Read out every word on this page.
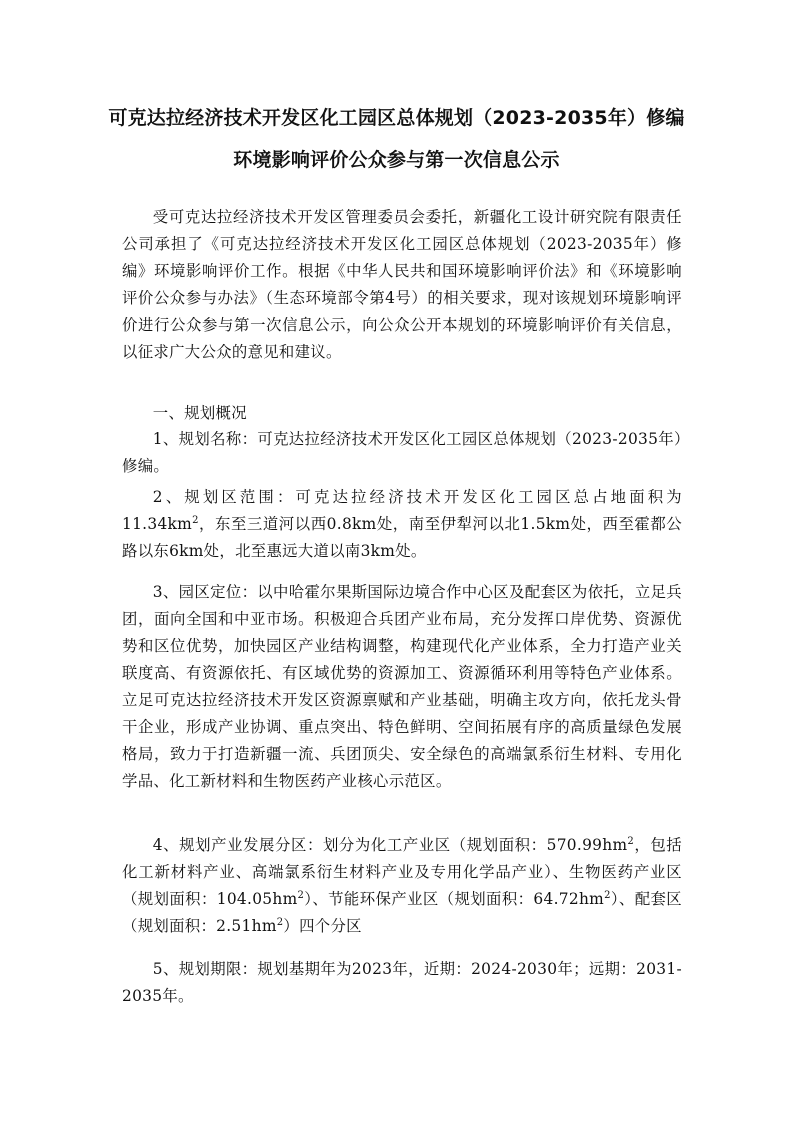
可克达拉经济技术开发区化工园区总体规划（2023-2035年）修编
环境影响评价公众参与第一次信息公示

受可克达拉经济技术开发区管理委员会委托，新疆化工设计研究院有限责任公司承担了《可克达拉经济技术开发区化工园区总体规划（2023-2035年）修编》环境影响评价工作。根据《中华人民共和国环境影响评价法》和《环境影响评价公众参与办法》（生态环境部令第4号）的相关要求，现对该规划环境影响评价进行公众参与第一次信息公示，向公众公开本规划的环境影响评价有关信息，以征求广大公众的意见和建议。

一、规划概况

1、规划名称：可克达拉经济技术开发区化工园区总体规划（2023-2035年）修编。

2、规划区范围：可克达拉经济技术开发区化工园区总占地面积为$11.34km^2$，东至三道河以西0.8km处，南至伊犁河以北1.5km处，西至霍都公路以东6km处，北至惠远大道以南3km处。

3、园区定位：以中哈霍尔果斯国际边境合作中心区及配套区为依托，立足兵团，面向全国和中亚市场。积极迎合兵团产业布局，充分发挥口岸优势、资源优势和区位优势，加快园区产业结构调整，构建现代化产业体系，全力打造产业关联度高、有资源依托、有区域优势的资源加工、资源循环利用等特色产业体系。立足可克达拉经济技术开发区资源禀赋和产业基础，明确主攻方向，依托龙头骨干企业，形成产业协调、重点突出、特色鲜明、空间拓展有序的高质量绿色发展格局，致力于打造新疆一流、兵团顶尖、安全绿色的高端氯系衍生材料、专用化学品、化工新材料和生物医药产业核心示范区。

4、规划产业发展分区：划分为化工产业区（规划面积：$570.99hm^2$，包括化工新材料产业、高端氯系衍生材料产业及专用化学品产业）、生物医药产业区（规划面积：$104.05hm^2$）、节能环保产业区（规划面积：$64.72hm^2$）、配套区（规划面积：$2.51hm^2$）四个分区

5、规划期限：规划基期年为2023年，近期：2024-2030年；远期：2031-2035年。
